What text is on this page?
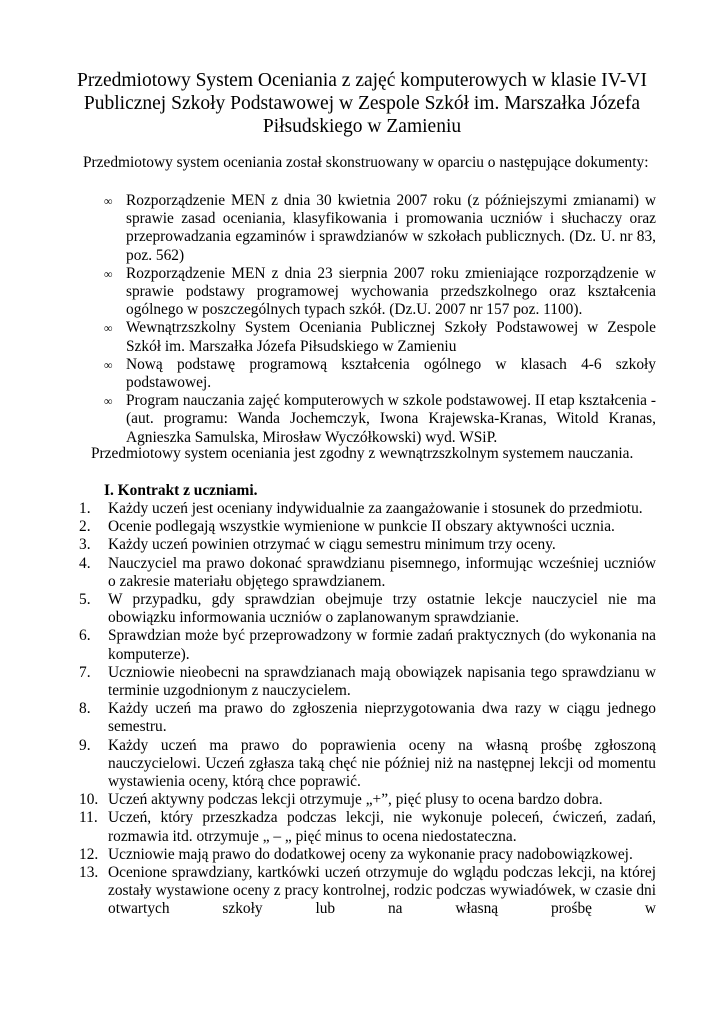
Przedmiotowy System Oceniania z zajęć komputerowych w klasie IV-VI
Publicznej Szkoły Podstawowej w Zespole Szkół im. Marszałka Józefa
Piłsudskiego w Zamieniu

Przedmiotowy system oceniania został skonstruowany w oparciu o następujące dokumenty:

∞ Rozporządzenie MEN z dnia 30 kwietnia 2007 roku (z późniejszymi zmianami) w sprawie zasad oceniania, klasyfikowania i promowania uczniów i słuchaczy oraz przeprowadzania egzaminów i sprawdzianów w szkołach publicznych. (Dz. U. nr 83, poz. 562)
∞ Rozporządzenie MEN z dnia 23 sierpnia 2007 roku zmieniające rozporządzenie w sprawie podstawy programowej wychowania przedszkolnego oraz kształcenia ogólnego w poszczególnych typach szkół. (Dz.U. 2007 nr 157 poz. 1100).
∞ Wewnątrzszkolny System Oceniania Publicznej Szkoły Podstawowej w Zespole Szkół im. Marszałka Józefa Piłsudskiego w Zamieniu
∞ Nową podstawę programową kształcenia ogólnego w klasach 4-6 szkoły podstawowej.
∞ Program nauczania zajęć komputerowych w szkole podstawowej. II etap kształcenia - (aut. programu: Wanda Jochemczyk, Iwona Krajewska-Kranas, Witold Kranas, Agnieszka Samulska, Mirosław Wyczółkowski) wyd. WSiP.

Przedmiotowy system oceniania jest zgodny z wewnątrzszkolnym systemem nauczania.

I. Kontrakt z uczniami.
1.	Każdy uczeń jest oceniany indywidualnie za zaangażowanie i stosunek do przedmiotu.
2.	Ocenie podlegają wszystkie wymienione w punkcie II obszary aktywności ucznia.
3.	Każdy uczeń powinien otrzymać w ciągu semestru minimum trzy oceny.
4.	Nauczyciel ma prawo dokonać sprawdzianu pisemnego, informując wcześniej uczniów o zakresie materiału objętego sprawdzianem.
5.	W przypadku, gdy sprawdzian obejmuje trzy ostatnie lekcje nauczyciel nie ma obowiązku informowania uczniów o zaplanowanym sprawdzianie.
6.	Sprawdzian może być przeprowadzony w formie zadań praktycznych (do wykonania na komputerze).
7.	Uczniowie nieobecni na sprawdzianach mają obowiązek napisania tego sprawdzianu w terminie uzgodnionym z nauczycielem.
8.	Każdy uczeń ma prawo do zgłoszenia nieprzygotowania dwa razy w ciągu jednego semestru.
9.	Każdy uczeń ma prawo do poprawienia oceny na własną prośbę zgłoszoną nauczycielowi. Uczeń zgłasza taką chęć nie później niż na następnej lekcji od momentu wystawienia oceny, którą chce poprawić.
10. Uczeń aktywny podczas lekcji otrzymuje „+”, pięć plusy to ocena bardzo dobra.
11. Uczeń, który przeszkadza podczas lekcji, nie wykonuje poleceń, ćwiczeń, zadań, rozmawia itd. otrzymuje „ – „ pięć minus to ocena niedostateczna.
12. Uczniowie mają prawo do dodatkowej oceny za wykonanie pracy nadobowiązkowej.
13. Ocenione sprawdziany, kartkówki uczeń otrzymuje do wglądu podczas lekcji, na której zostały wystawione oceny z pracy kontrolnej, rodzic podczas wywiadówek, w czasie dni otwartych szkoły lub na własną prośbę w
